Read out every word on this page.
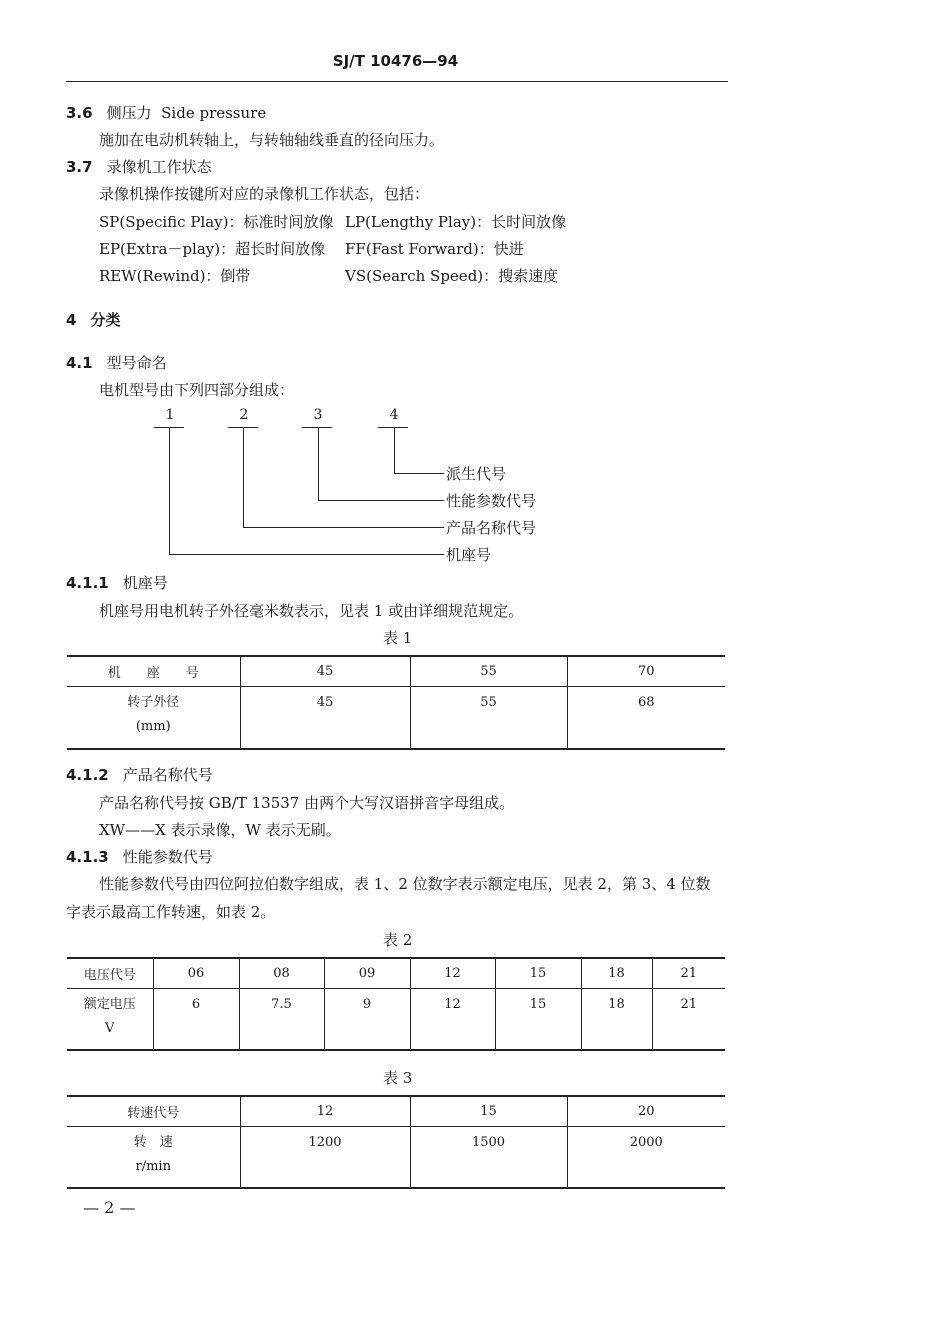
SJ/T 10476—94
3.6 侧压力 Side pressure
施加在电动机转轴上，与转轴轴线垂直的径向压力。
3.7 录像机工作状态
录像机操作按键所对应的录像机工作状态，包括：
SP(Specific Play)：标准时间放像 LP(Lengthy Play)：长时间放像
EP(Extra－play)：超长时间放像 FF(Fast Forward)：快进
REW(Rewind)：倒带	VS(Search Speed)：搜索速度
4 分类
4.1 型号命名
电机型号由下列四部分组成：
1	2	3	4
派生代号
性能参数代号
产品名称代号
机座号
4.1.1 机座号
机座号用电机转子外径毫米数表示，见表 1 或由详细规范规定。
表 1
机　　座　　号	45	55	70

转子外径
(mm)	45	55	68
4.1.2 产品名称代号
产品名称代号按 GB/T 13537 由两个大写汉语拼音字母组成。
XW——X 表示录像，W 表示无刷。
4.1.3 性能参数代号
性能参数代号由四位阿拉伯数字组成，表 1、2 位数字表示额定电压，见表 2，第 3、4 位数
字表示最高工作转速，如表 2。
表 2
电压代号	06	08	09	12	15	18	21

额定电压
V	6	7.5	9	12	15	18	21
表 3
转速代号	12	15	20

转　速
r/min	1200	1500	2000
— 2 —
